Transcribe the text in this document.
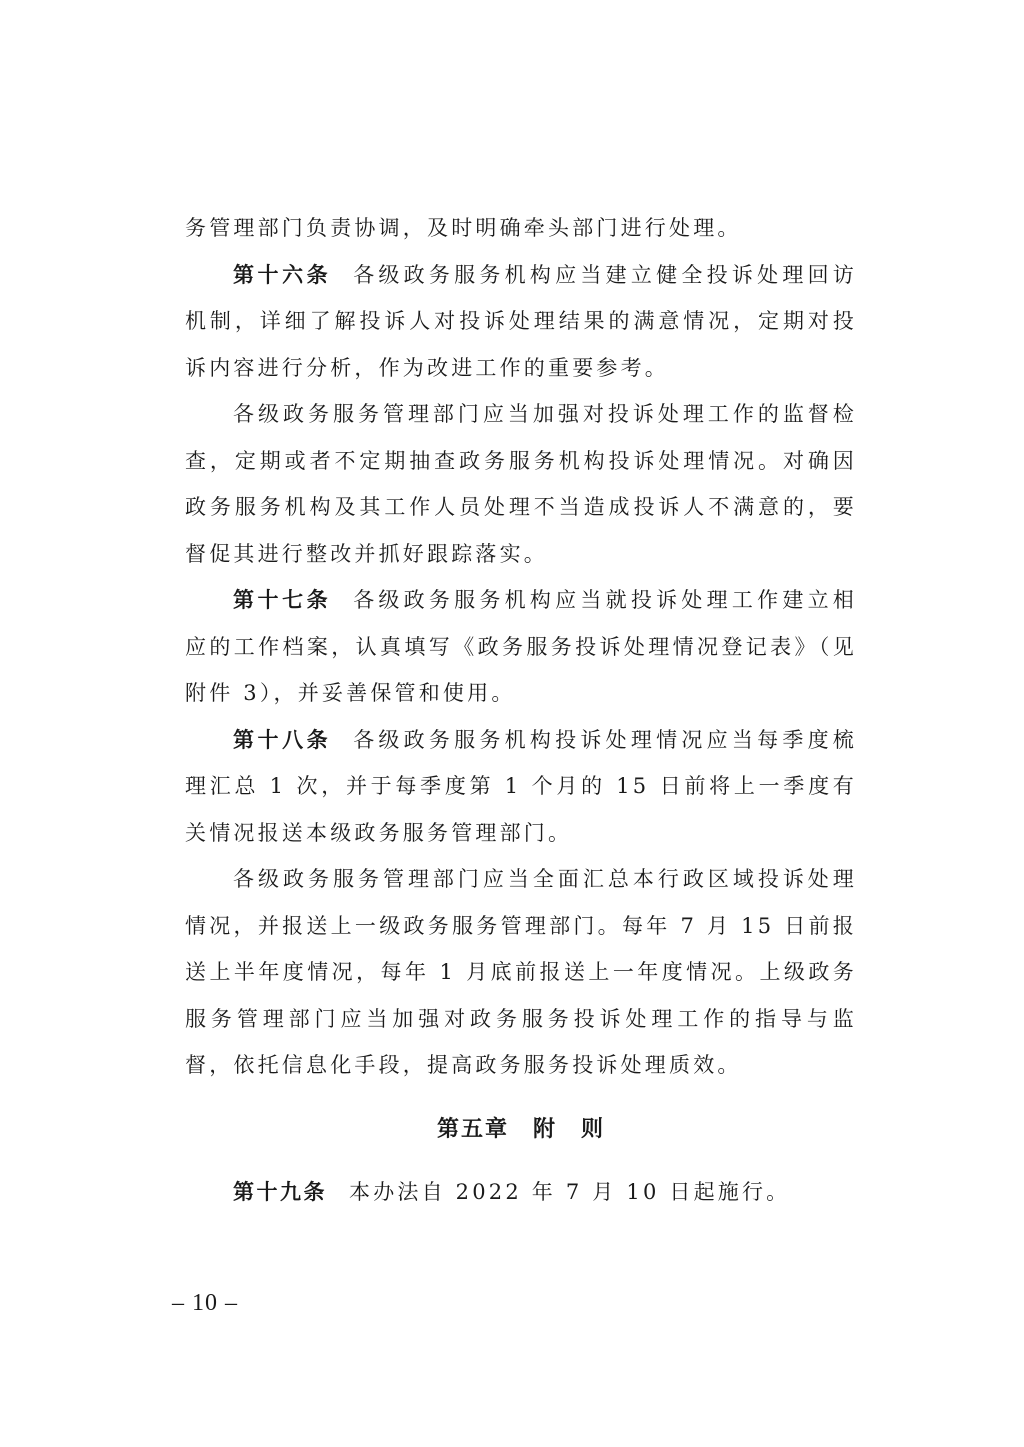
务管理部门负责协调，及时明确牵头部门进行处理。

第十六条 各级政务服务机构应当建立健全投诉处理回访机制，详细了解投诉人对投诉处理结果的满意情况，定期对投诉内容进行分析，作为改进工作的重要参考。

各级政务服务管理部门应当加强对投诉处理工作的监督检查，定期或者不定期抽查政务服务机构投诉处理情况。对确因政务服务机构及其工作人员处理不当造成投诉人不满意的，要督促其进行整改并抓好跟踪落实。

第十七条 各级政务服务机构应当就投诉处理工作建立相应的工作档案，认真填写《政务服务投诉处理情况登记表》（见附件 3），并妥善保管和使用。

第十八条 各级政务服务机构投诉处理情况应当每季度梳理汇总 1 次，并于每季度第 1 个月的 15 日前将上一季度有关情况报送本级政务服务管理部门。

各级政务服务管理部门应当全面汇总本行政区域投诉处理情况，并报送上一级政务服务管理部门。每年 7 月 15 日前报送上半年度情况，每年 1 月底前报送上一年度情况。上级政务服务管理部门应当加强对政务服务投诉处理工作的指导与监督，依托信息化手段，提高政务服务投诉处理质效。

第五章　附　则

第十九条 本办法自 2022 年 7 月 10 日起施行。

– 10 –
